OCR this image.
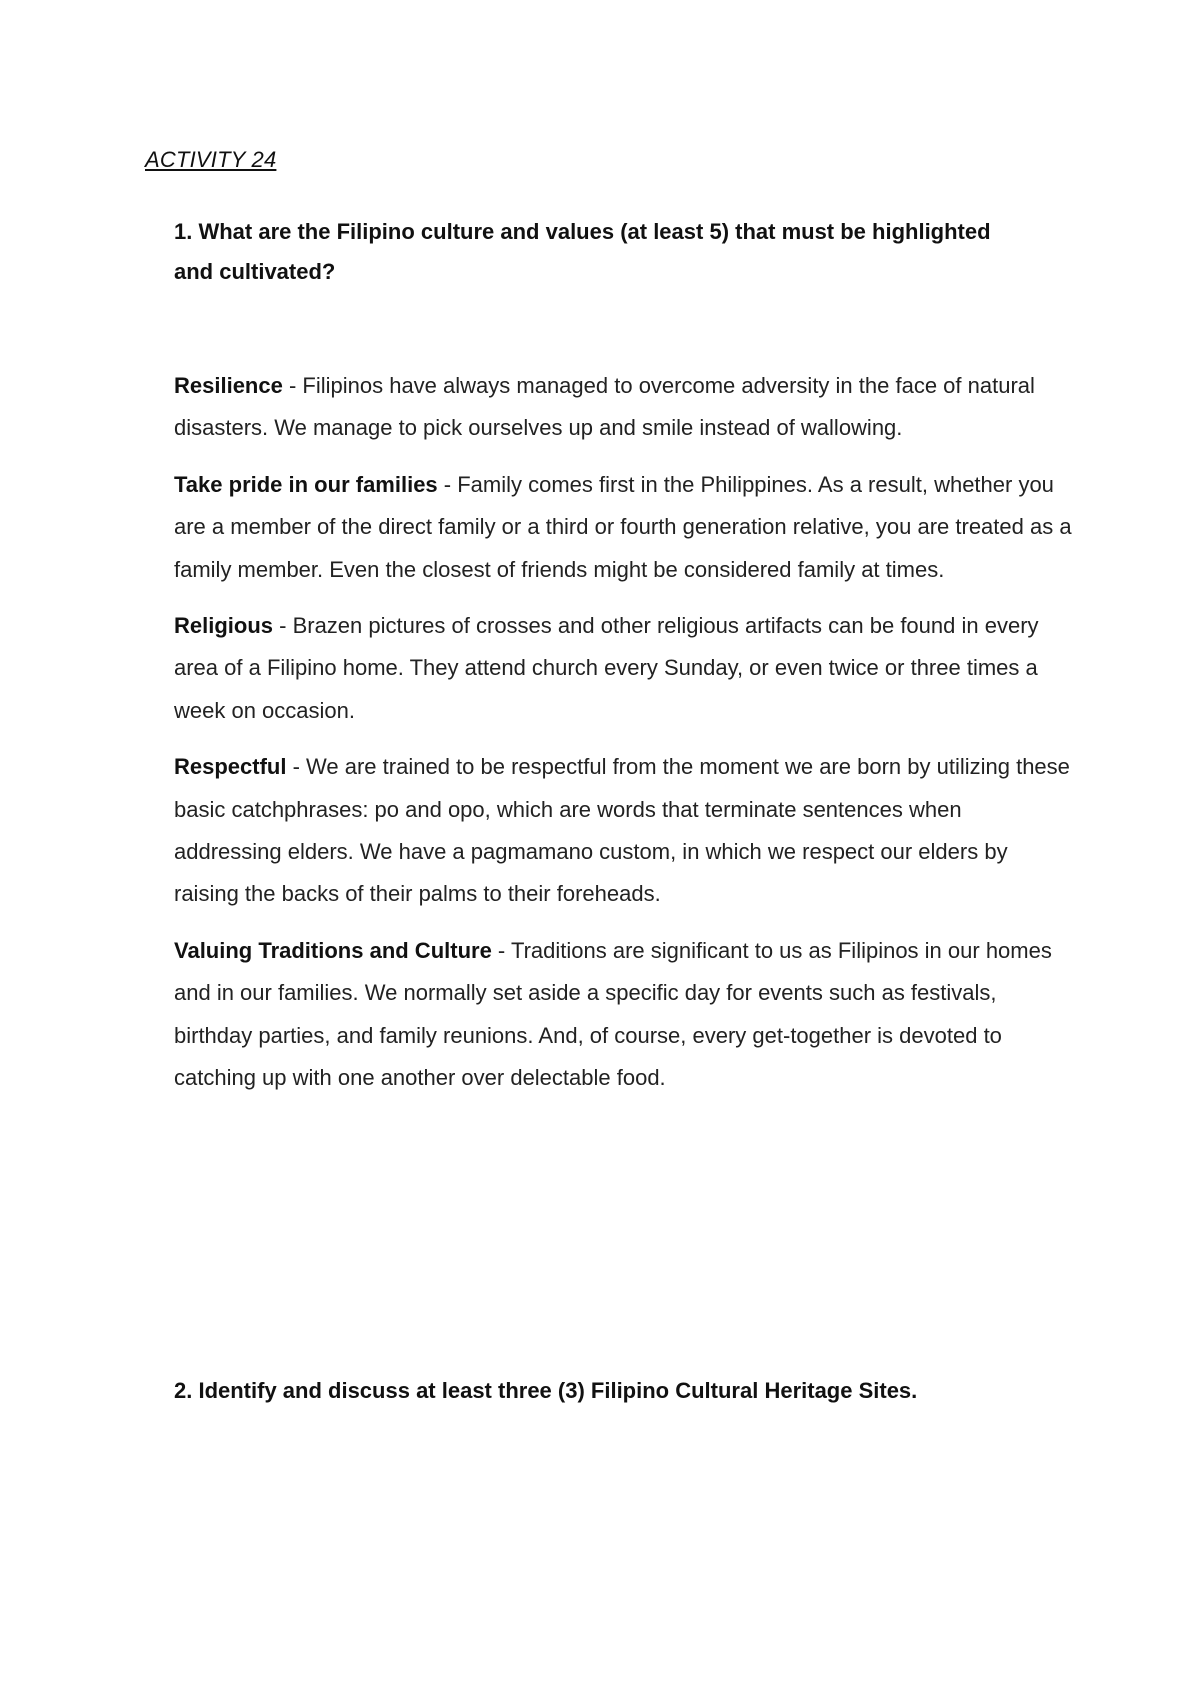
ACTIVITY 24

1. What are the Filipino culture and values (at least 5) that must be highlighted and cultivated?

Resilience - Filipinos have always managed to overcome adversity in the face of natural disasters. We manage to pick ourselves up and smile instead of wallowing.
Take pride in our families - Family comes first in the Philippines. As a result, whether you are a member of the direct family or a third or fourth generation relative, you are treated as a family member. Even the closest of friends might be considered family at times.
Religious - Brazen pictures of crosses and other religious artifacts can be found in every area of a Filipino home. They attend church every Sunday, or even twice or three times a week on occasion.
Respectful - We are trained to be respectful from the moment we are born by utilizing these basic catchphrases: po and opo, which are words that terminate sentences when addressing elders. We have a pagmamano custom, in which we respect our elders by raising the backs of their palms to their foreheads.
Valuing Traditions and Culture - Traditions are significant to us as Filipinos in our homes and in our families. We normally set aside a specific day for events such as festivals, birthday parties, and family reunions. And, of course, every get-together is devoted to catching up with one another over delectable food.

2. Identify and discuss at least three (3) Filipino Cultural Heritage Sites.
